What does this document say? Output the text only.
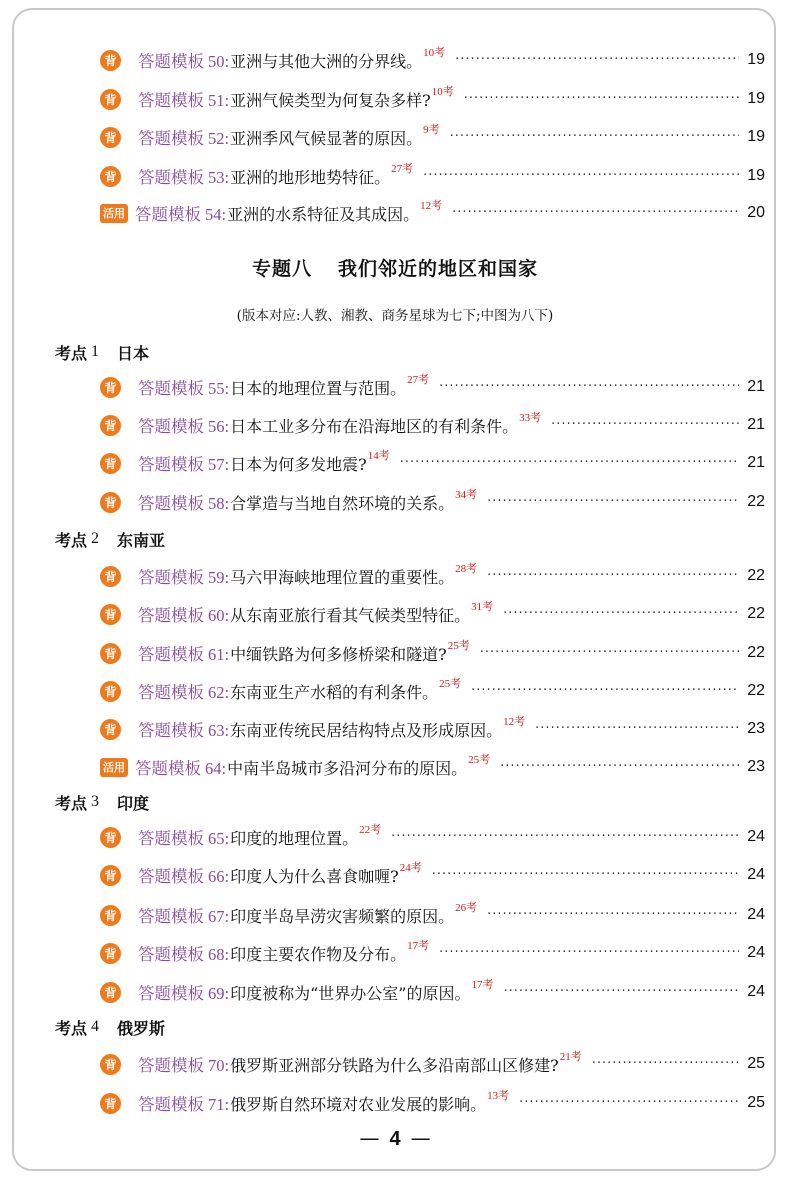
专题八 我们邻近的地区和国家
(版本对应:人教、湘教、商务星球为七下;中图为八下)
— 4 —
背 答题模板 50: 亚洲与其他大洲的分界线。 10考 ·····	19
背 答题模板 51: 亚洲气候类型为何复杂多样? 10考 ·····	19
背 答题模板 52: 亚洲季风气候显著的原因。 9考 ·····	19
背 答题模板 53: 亚洲的地形地势特征。 27考 ·····	19
活用 答题模板 54: 亚洲的水系特征及其成因。 12考 ·····	20
考点 1 日本
背 答题模板 55: 日本的地理位置与范围。 27考 ·····	21
背 答题模板 56: 日本工业多分布在沿海地区的有利条件。 33考 ·····	21
背 答题模板 57: 日本为何多发地震? 14考 ·····	21
背 答题模板 58: 合掌造与当地自然环境的关系。 34考 ·····	22
考点 2 东南亚
背 答题模板 59: 马六甲海峡地理位置的重要性。 28考 ·····	22
背 答题模板 60: 从东南亚旅行看其气候类型特征。 31考 ·····	22
背 答题模板 61: 中缅铁路为何多修桥梁和隧道? 25考 ·····	22
背 答题模板 62: 东南亚生产水稻的有利条件。 25考 ·····	22
背 答题模板 63: 东南亚传统民居结构特点及形成原因。 12考 ·····	23
活用 答题模板 64: 中南半岛城市多沿河分布的原因。 25考 ·····	23
考点 3 印度
背 答题模板 65: 印度的地理位置。 22考 ·····	24
背 答题模板 66: 印度人为什么喜食咖喱? 24考 ·····	24
背 答题模板 67: 印度半岛旱涝灾害频繁的原因。 26考 ·····	24
背 答题模板 68: 印度主要农作物及分布。 17考 ·····	24
背 答题模板 69: 印度被称为“世界办公室”的原因。 17考 ·····	24
考点 4 俄罗斯
背 答题模板 70: 俄罗斯亚洲部分铁路为什么多沿南部山区修建? 21考 ·····	25
背 答题模板 71: 俄罗斯自然环境对农业发展的影响。 13考 ·····	25
